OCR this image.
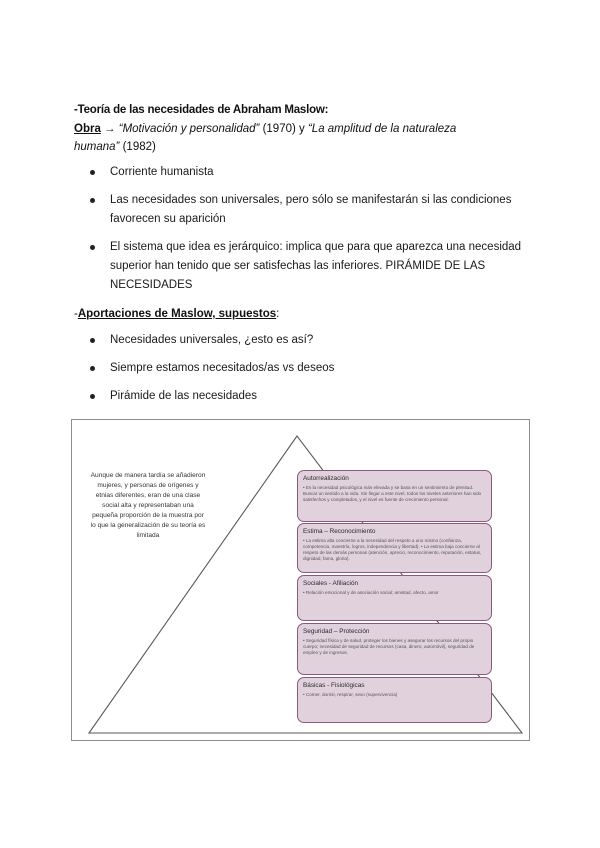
-Teoría de las necesidades de Abraham Maslow:
Obra → “Motivación y personalidad” (1970) y “La amplitud de la naturaleza
humana” (1982)
Corriente humanista
Las necesidades son universales, pero sólo se manifestarán si las condiciones favorecen su aparición
El sistema que idea es jerárquico: implica que para que aparezca una necesidad superior han tenido que ser satisfechas las inferiores. PIRÁMIDE DE LAS NECESIDADES
-Aportaciones de Maslow, supuestos:
Necesidades universales, ¿esto es así?
Siempre estamos necesitados/as vs deseos
Pirámide de las necesidades
Aunque de manera tardía se añadieron mujeres, y personas de orígenes y etnias diferentes, eran de una clase social alta y representaban una pequeña proporción de la muestra por lo que la generalización de su teoría es limitada
Autorrealización
• Es la necesidad psicológica más elevada y se basa en un sentimiento de plenitud. Buscar un sentido a la vida. Sin llegar a este nivel, todos los niveles anteriores han sido satisfechos y completados, y el nivel es fuente de crecimiento personal.
Estima – Reconocimiento
• La estima alta concierne a la necesidad del respeto a uno mismo (confianza, competencia, maestría, logros, independencia y libertad). • La estima baja concierne al respeto de las demás personas (atención, aprecio, reconocimiento, reputación, estatus, dignidad, fama, gloria).
Sociales - Afiliación
• Relación emocional y de asociación social; amistad, afecto, amor
Seguridad – Protección
• Seguridad física y de salud, proteger los bienes y asegurar los recursos del propio cuerpo; necesidad de seguridad de recursos (casa, dinero, automóvil), seguridad de empleo y de ingresos.
Básicas - Fisiológicas
• Comer, dormir, respirar, sexo (supervivencia)
